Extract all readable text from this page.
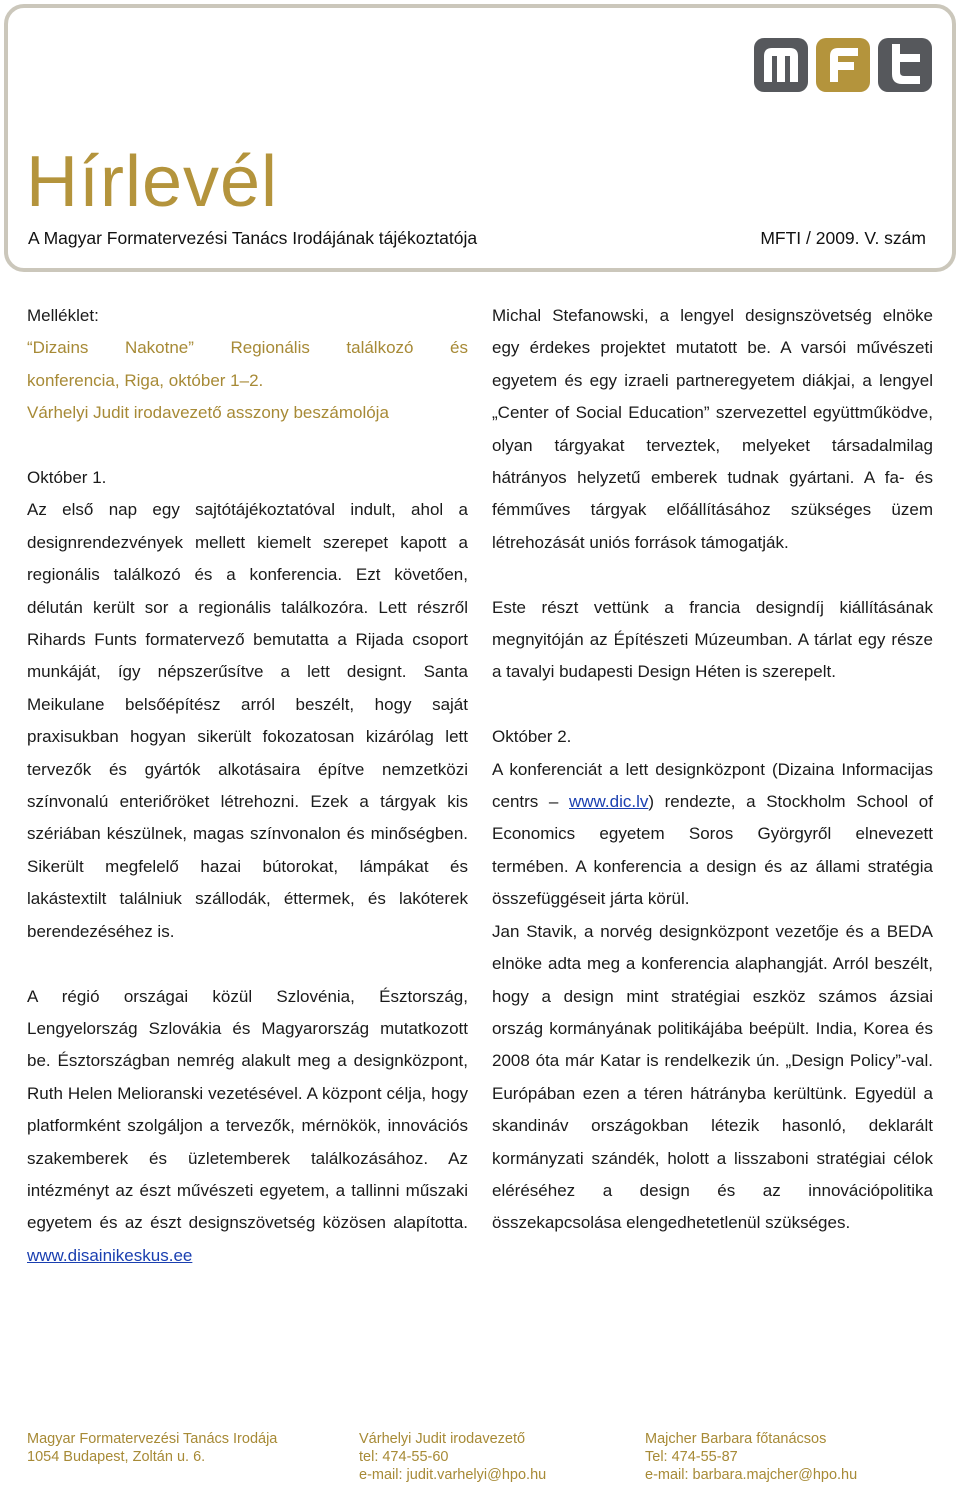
Hírlevél
A Magyar Formatervezési Tanács Irodájának tájékoztatója	MFTI / 2009. V. szám

Melléklet:

“Dizains Nakotne” Regionális találkozó és

konferencia, Riga, október 1–2.

Várhelyi Judit irodavezető asszony beszámolója

Október 1.

Az első nap egy sajtótájékoztatóval indult, ahol a designrendezvények mellett kiemelt szerepet kapott a regionális találkozó és a konferencia. Ezt követően, délután került sor a regionális találkozóra. Lett részről Rihards Funts formatervező bemutatta a Rijada csoport munkáját, így népszerűsítve a lett designt. Santa Meikulane belsőépítész arról beszélt, hogy saját praxisukban hogyan sikerült fokozatosan kizárólag lett tervezők és gyártók alkotásaira építve nemzetközi színvonalú enteriőröket létrehozni. Ezek a tárgyak kis szériában készülnek, magas színvonalon és minőségben. Sikerült megfelelő hazai bútorokat, lámpákat és lakástextilt találniuk szállodák, éttermek, és lakóterek berendezéséhez is.

A régió országai közül Szlovénia, Észtország, Lengyelország Szlovákia és Magyarország mutatkozott be. Észtországban nemrég alakult meg a designközpont, Ruth Helen Melioranski vezetésével. A központ célja, hogy platformként szolgáljon a tervezők, mérnökök, innovációs szakemberek és üzletemberek találkozásához. Az intézményt az észt művészeti egyetem, a tallinni műszaki egyetem és az észt designszövetség közösen alapította. www.disainikeskus.ee

Michal Stefanowski, a lengyel designszövetség elnöke egy érdekes projektet mutatott be. A varsói művészeti egyetem és egy izraeli partneregyetem diákjai, a lengyel „Center of Social Education” szervezettel együttműködve, olyan tárgyakat terveztek, melyeket társadalmilag hátrányos helyzetű emberek tudnak gyártani. A fa- és fémműves tárgyak előállításához szükséges üzem létrehozását uniós források támogatják.

Este részt vettünk a francia designdíj kiállításának megnyitóján az Építészeti Múzeumban. A tárlat egy része a tavalyi budapesti Design Héten is szerepelt.

Október 2.

A konferenciát a lett designközpont (Dizaina Informacijas centrs – www.dic.lv) rendezte, a Stockholm School of Economics egyetem Soros Györgyről elnevezett termében. A konferencia a design és az állami stratégia összefüggéseit járta körül.

Jan Stavik, a norvég designközpont vezetője és a BEDA elnöke adta meg a konferencia alaphangját. Arról beszélt, hogy a design mint stratégiai eszköz számos ázsiai ország kormányának politikájába beépült. India, Korea és 2008 óta már Katar is rendelkezik ún. „Design Policy”-val. Európában ezen a téren hátrányba kerültünk. Egyedül a skandináv országokban létezik hasonló, deklarált kormányzati szándék, holott a lisszaboni stratégiai célok eléréséhez a design és az innovációpolitika összekapcsolása elengedhetetlenül szükséges.

Magyar Formatervezési Tanács Irodája
1054 Budapest, Zoltán u. 6.
Várhelyi Judit irodavezető
tel: 474-55-60
e-mail: judit.varhelyi@hpo.hu
Majcher Barbara főtanácsos
Tel: 474-55-87
e-mail: barbara.majcher@hpo.hu
